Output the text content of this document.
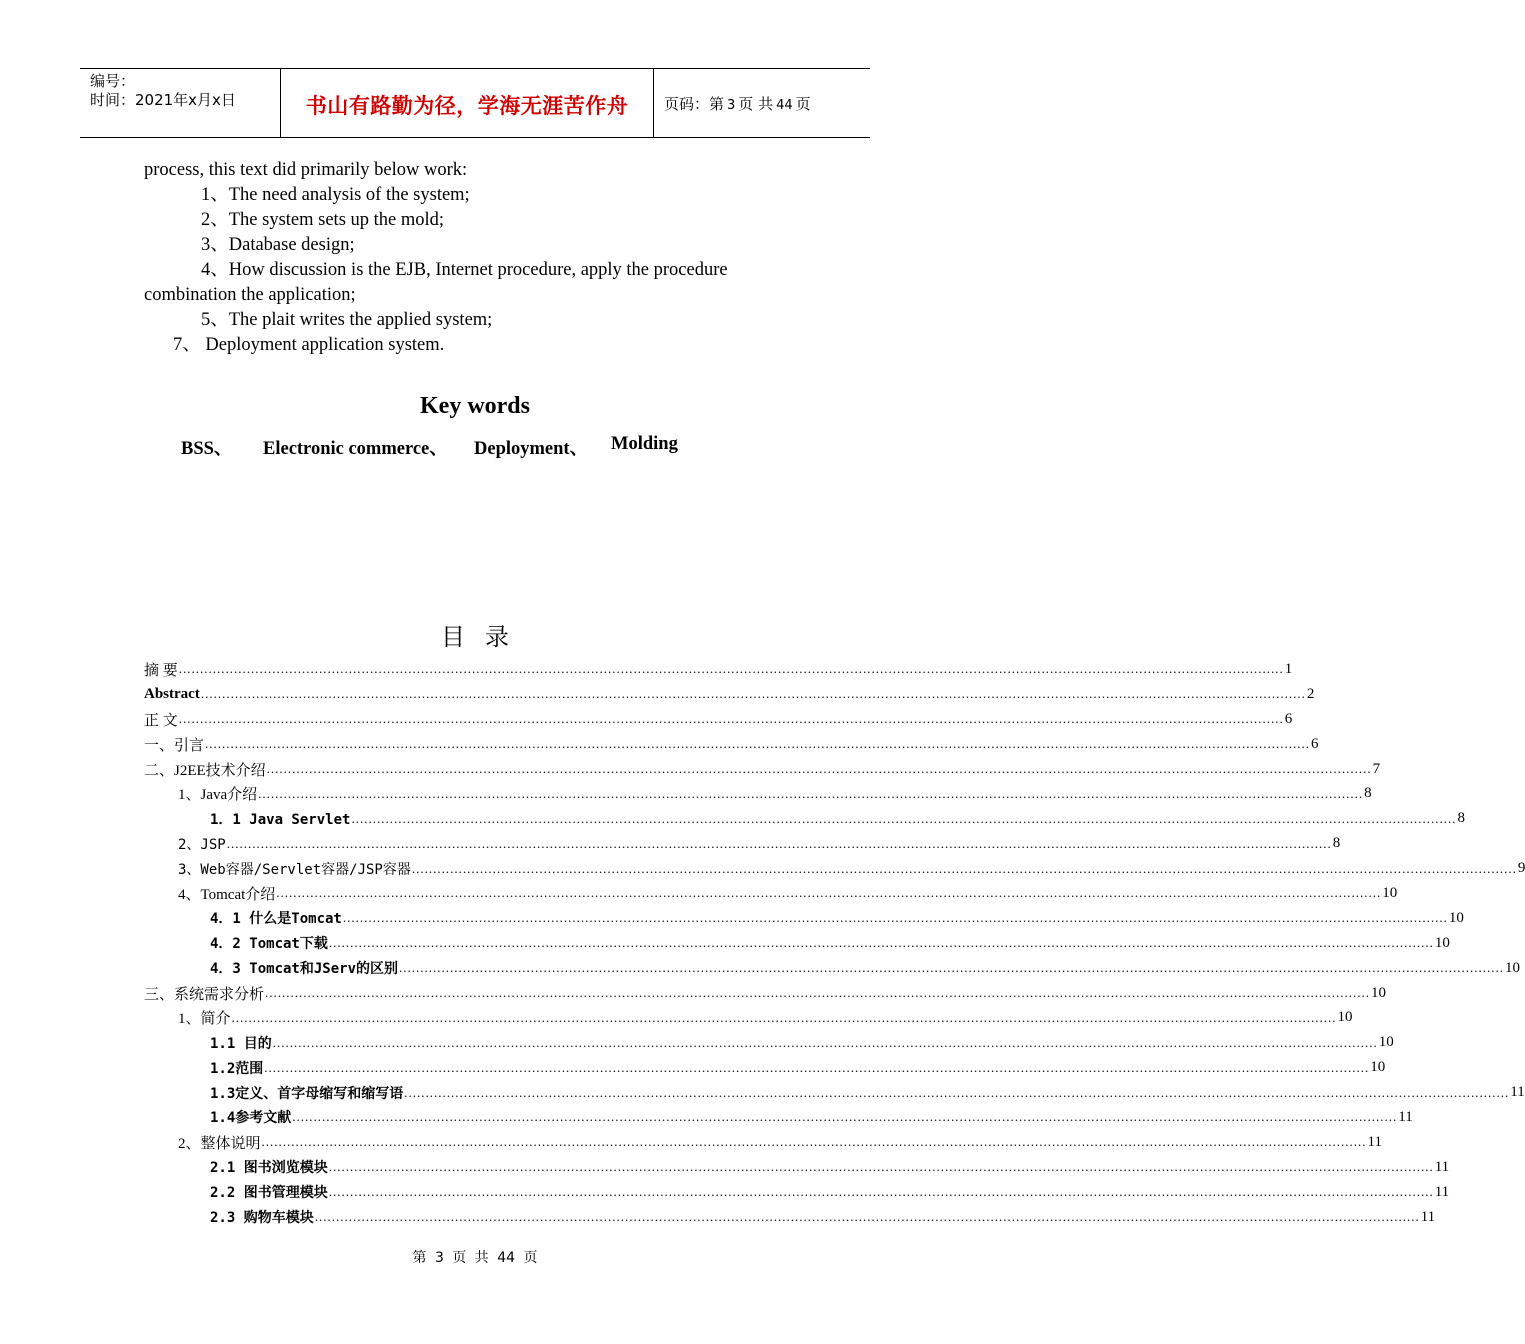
编号：
时间：2021年x月x日	书山有路勤为径，学海无涯苦作舟	页码：第 3 页 共 44 页
process, this text did primarily below work:
1、The need analysis of the system;
2、The system sets up the mold;
3、Database design;
4、How discussion is the EJB, Internet procedure, apply the procedure
combination the application;
5、The plait writes the applied system;
7、 Deployment application system.
Key words
BSS、 Electronic commerce、 Deployment、 Molding
目录
摘 要 .................................................................................................................................................................................................................................................................... 1
Abstract .................................................................................................................................................................................................................................................................... 2
正 文 .................................................................................................................................................................................................................................................................... 6
一、引言 .................................................................................................................................................................................................................................................................... 6
二、J2EE技术介绍 .................................................................................................................................................................................................................................................................... 7
1、Java介绍 .................................................................................................................................................................................................................................................................... 8
1．1 Java Servlet .................................................................................................................................................................................................................................................................... 8
2、JSP .................................................................................................................................................................................................................................................................... 8
3、Web容器/Servlet容器/JSP容器 .................................................................................................................................................................................................................................................................... 9
4、Tomcat介绍 .................................................................................................................................................................................................................................................................... 10
4．1 什么是Tomcat .................................................................................................................................................................................................................................................................... 10
4．2 Tomcat下载 .................................................................................................................................................................................................................................................................... 10
4．3 Tomcat和JServ的区别 .................................................................................................................................................................................................................................................................... 10
三、系统需求分析 .................................................................................................................................................................................................................................................................... 10
1、简介 .................................................................................................................................................................................................................................................................... 10
1.1 目的 .................................................................................................................................................................................................................................................................... 10
1.2范围 .................................................................................................................................................................................................................................................................... 10
1.3定义、首字母缩写和缩写语 .................................................................................................................................................................................................................................................................... 11
1.4参考文献 .................................................................................................................................................................................................................................................................... 11
2、整体说明 .................................................................................................................................................................................................................................................................... 11
2.1 图书浏览模块 .................................................................................................................................................................................................................................................................... 11
2.2 图书管理模块 .................................................................................................................................................................................................................................................................... 11
2.3 购物车模块 .................................................................................................................................................................................................................................................................... 11
第 3 页 共 44 页
